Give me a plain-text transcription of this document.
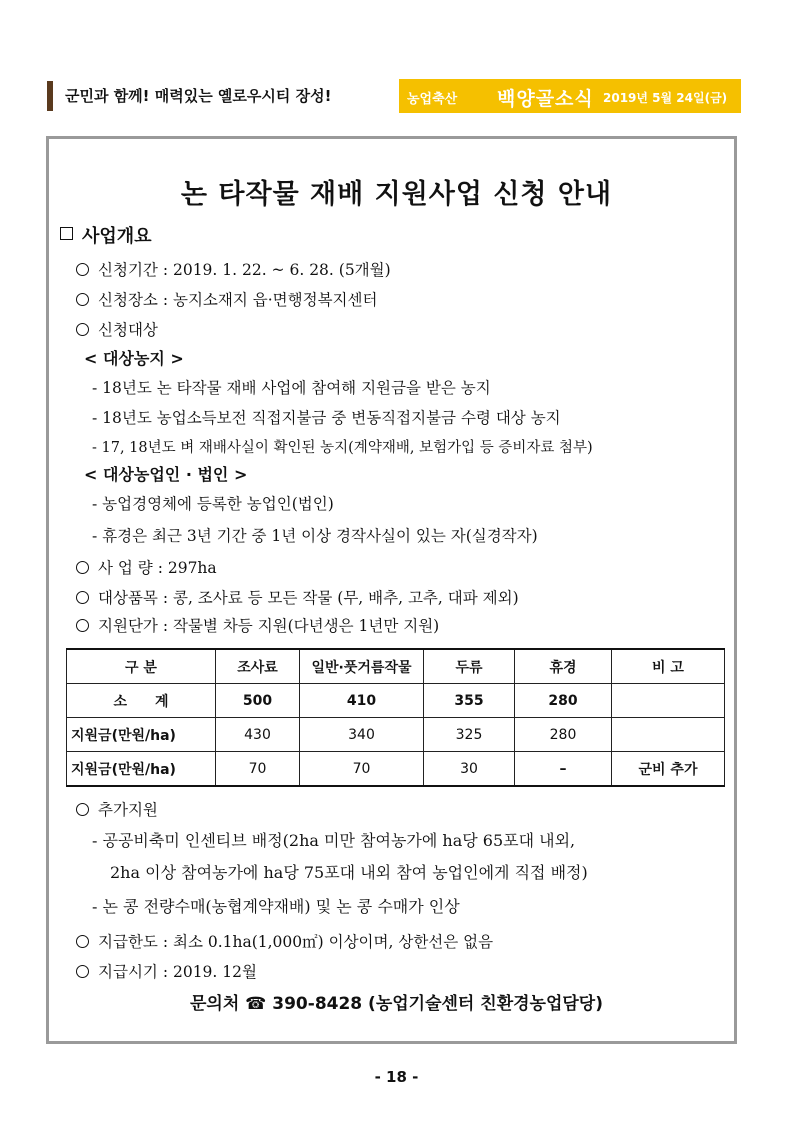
군민과 함께! 매력있는 옐로우시티 장성!	농업축산 백양골소식 2019년 5월 24일(금)
논 타작물 재배 지원사업 신청 안내
사업개요
신청기간 : 2019. 1. 22. ~ 6. 28. (5개월)
신청장소 : 농지소재지 읍·면행정복지센터
신청대상
< 대상농지 >
- 18년도 논 타작물 재배 사업에 참여해 지원금을 받은 농지
- 18년도 농업소득보전 직접지불금 중 변동직접지불금 수령 대상 농지
- 17, 18년도 벼 재배사실이 확인된 농지(계약재배, 보험가입 등 증비자료 첨부)
< 대상농업인 · 법인 >
- 농업경영체에 등록한 농업인(법인)
- 휴경은 최근 3년 기간 중 1년 이상 경작사실이 있는 자(실경작자)
사 업 량 : 297ha
대상품목 : 콩, 조사료 등 모든 작물 (무, 배추, 고추, 대파 제외)
지원단가 : 작물별 차등 지원(다년생은 1년만 지원)
구 분	조사료	일반·풋거름작물	두류	휴경	비 고
소　　계	500	410	355	280	
지원금(만원/ha)	430	340	325	280	
지원금(만원/ha)	70	70	30	–	군비 추가
추가지원
- 공공비축미 인센티브 배정(2ha 미만 참여농가에 ha당 65포대 내외,
2ha 이상 참여농가에 ha당 75포대 내외 참여 농업인에게 직접 배정)
- 논 콩 전량수매(농협계약재배) 및 논 콩 수매가 인상
지급한도 : 최소 0.1ha(1,000㎡) 이상이며, 상한선은 없음
지급시기 : 2019. 12월
문의처 ☎ 390-8428 (농업기술센터 친환경농업담당)
- 18 -
